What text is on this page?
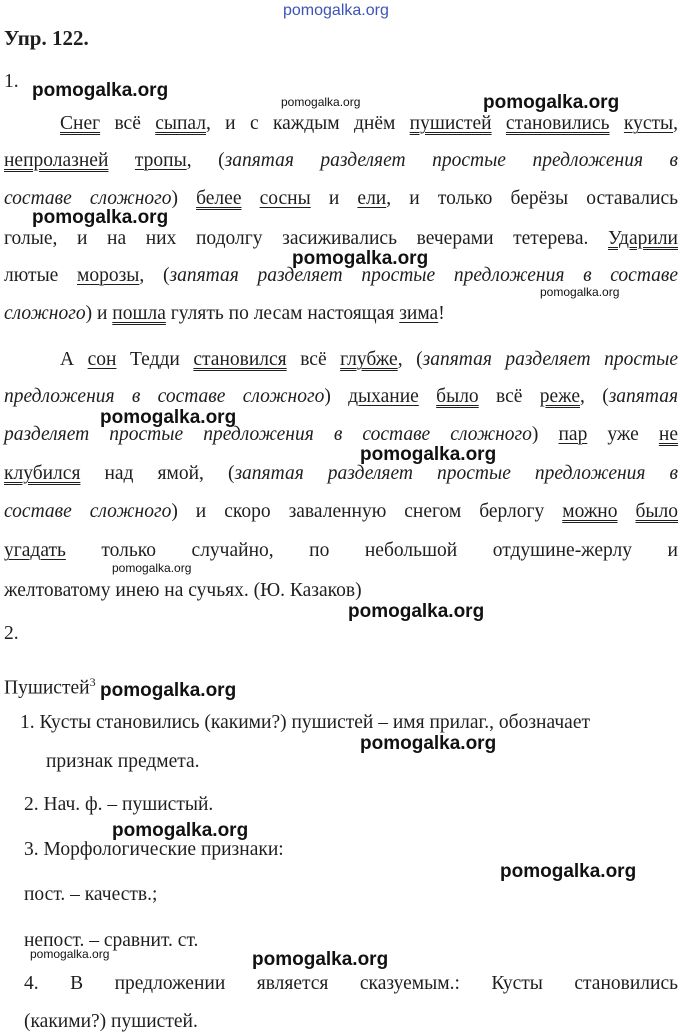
pomogalka.org
Упр. 122.
1.
Снег всё сыпал, и с каждым днём пушистей становились кусты,
непролазней тропы, (запятая разделяет простые предложения в
составе сложного) белее сосны и ели, и только берёзы оставались
голые, и на них подолгу засиживались вечерами тетерева. Ударили
лютые морозы, (запятая разделяет простые предложения в составе
сложного) и пошла гулять по лесам настоящая зима!
А сон Тедди становился всё глубже, (запятая разделяет простые
предложения в составе сложного) дыхание было всё реже, (запятая
разделяет простые предложения в составе сложного) пар уже не
клубился над ямой, (запятая разделяет простые предложения в
составе сложного) и скоро заваленную снегом берлогу можно было
угадать только случайно, по небольшой отдушине-жерлу и
желтоватому инею на сучьях. (Ю. Казаков)
2.
Пушистей$^3$
1. Кусты становились (какими?) пушистей – имя прилаг., обозначает
признак предмета.
2. Нач. ф. – пушистый.
3. Морфологические признаки:
пост. – качеств.;
непост. – сравнит. ст.
4. В предложении является сказуемым.: Кусты становились
(какими?) пушистей.
pomogalka.org
pomogalka.org	pomogalka.org
pomogalka.org
pomogalka.org
pomogalka.org
pomogalka.org
pomogalka.org
pomogalka.org
pomogalka.org
pomogalka.org
pomogalka.org
pomogalka.org
pomogalka.org
pomogalka.org	pomogalka.org
